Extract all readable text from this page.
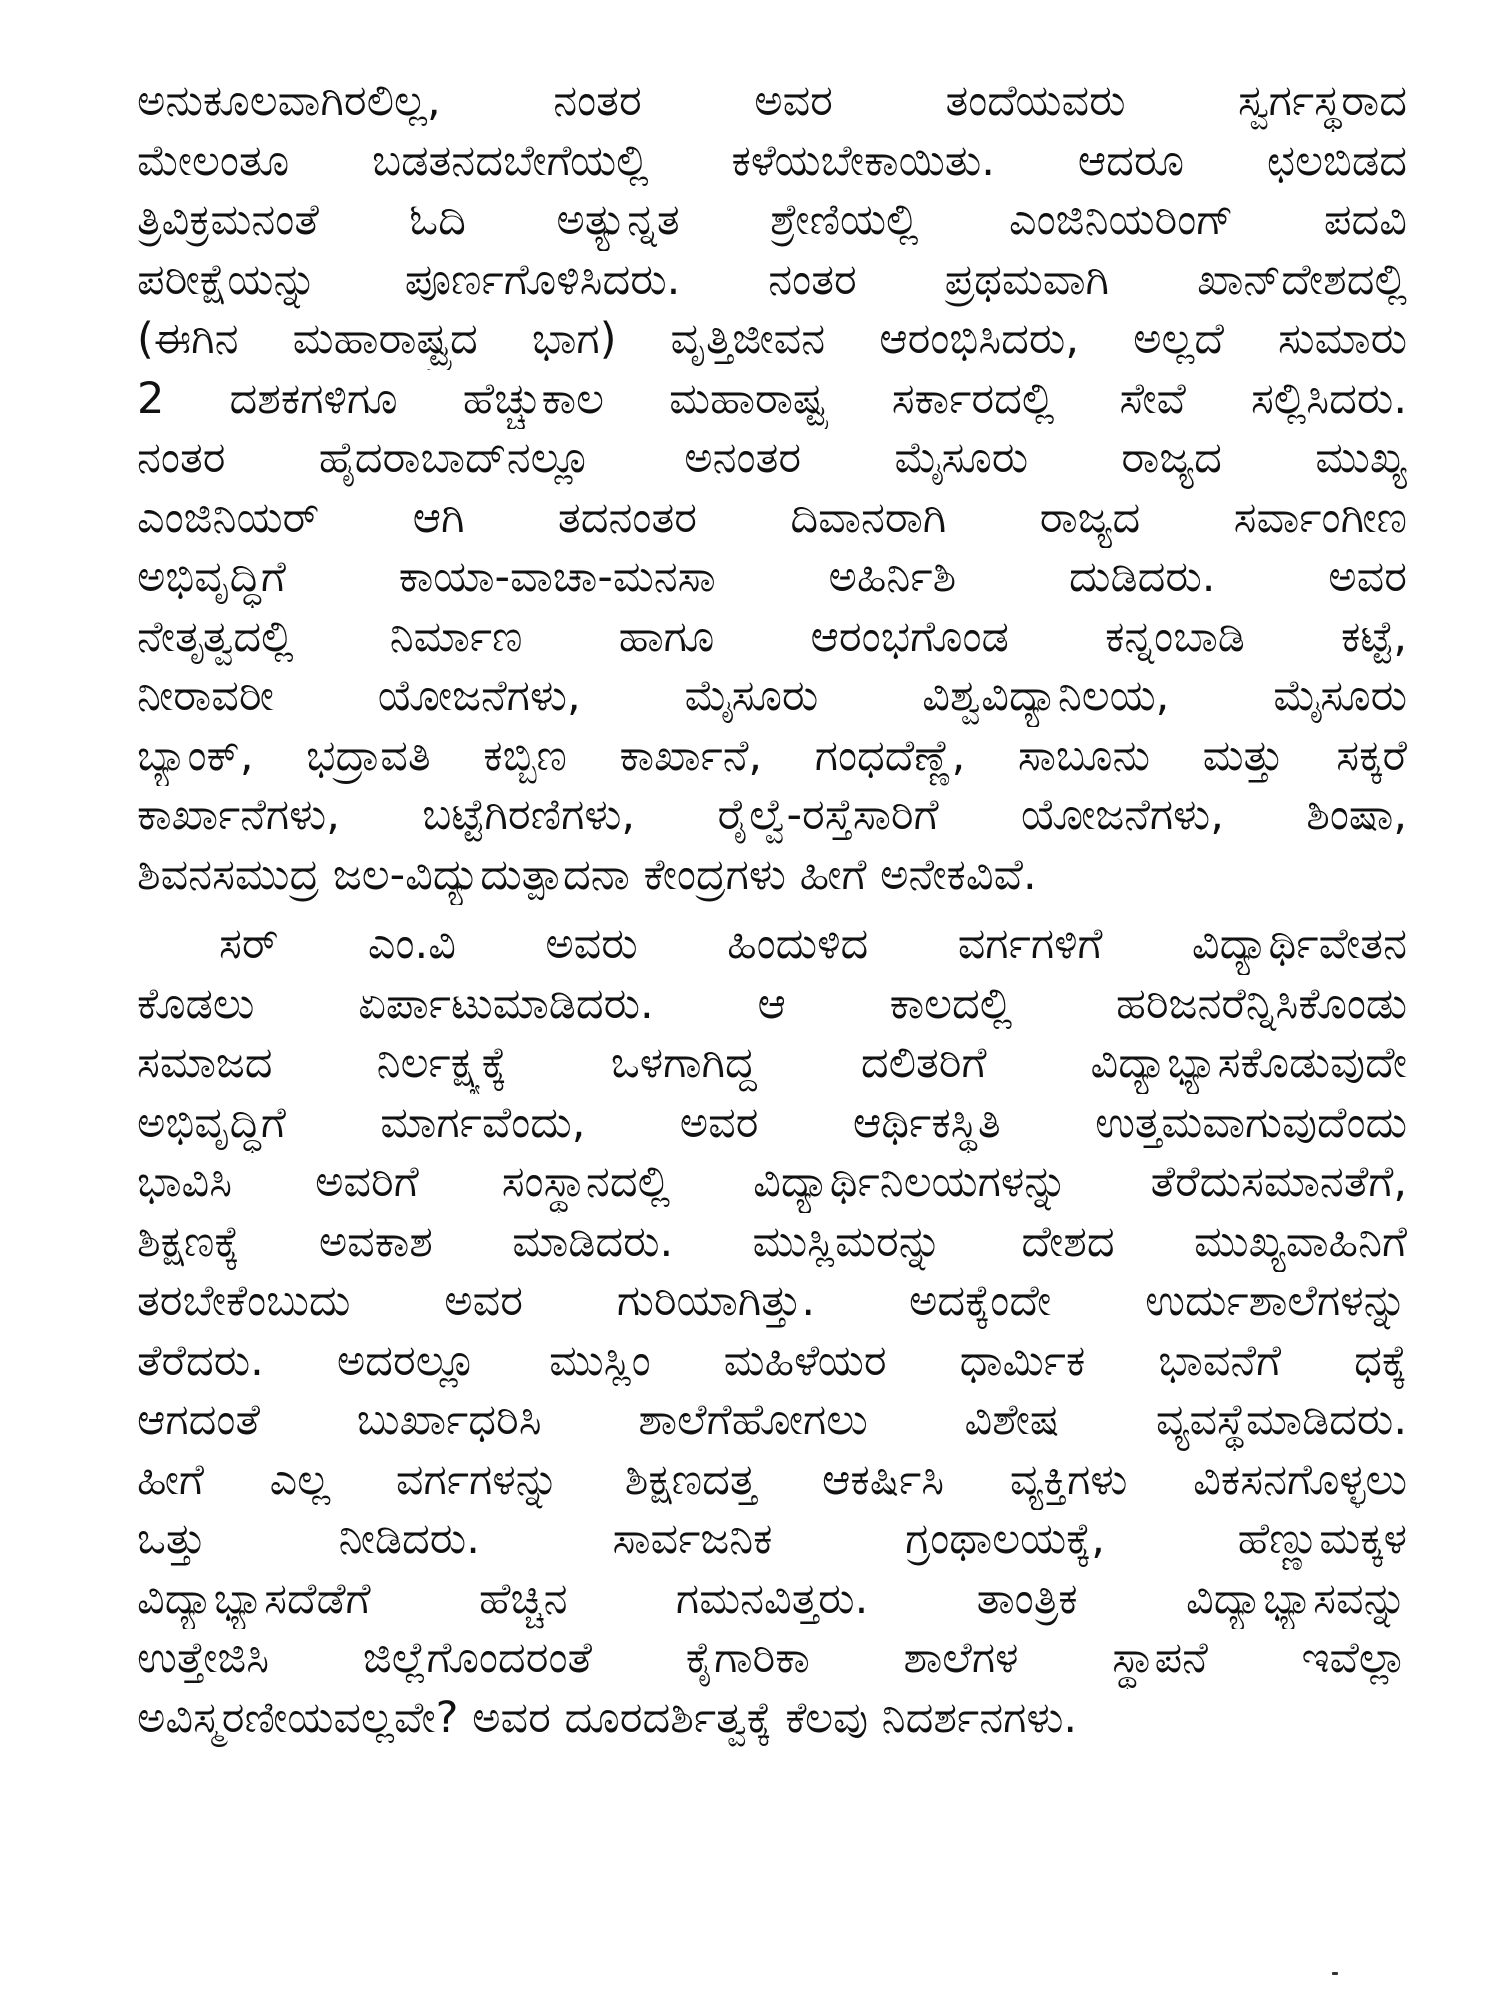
ಅನುಕೂಲವಾಗಿರಲಿಲ್ಲ, ನಂತರ ಅವರ ತಂದೆಯವರು ಸ್ವರ್ಗಸ್ಥರಾದ
ಮೇಲಂತೂ ಬಡತನದಬೇಗೆಯಲ್ಲಿ ಕಳೆಯಬೇಕಾಯಿತು. ಆದರೂ ಛಲಬಿಡದ
ತ್ರಿವಿಕ್ರಮನಂತೆ ಓದಿ ಅತ್ಯುನ್ನತ ಶ್ರೇಣಿಯಲ್ಲಿ ಎಂಜಿನಿಯರಿಂಗ್ ಪದವಿ
ಪರೀಕ್ಷೆಯನ್ನು ಪೂರ್ಣಗೊಳಿಸಿದರು. ನಂತರ ಪ್ರಥಮವಾಗಿ ಖಾನ್‌ದೇಶದಲ್ಲಿ
(ಈಗಿನ ಮಹಾರಾಷ್ಟ್ರದ ಭಾಗ) ವೃತ್ತಿಜೀವನ ಆರಂಭಿಸಿದರು, ಅಲ್ಲದೆ ಸುಮಾರು
2 ದಶಕಗಳಿಗೂ ಹೆಚ್ಚುಕಾಲ ಮಹಾರಾಷ್ಟ್ರ ಸರ್ಕಾರದಲ್ಲಿ ಸೇವೆ ಸಲ್ಲಿಸಿದರು.
ನಂತರ ಹೈದರಾಬಾದ್‌ನಲ್ಲೂ ಅನಂತರ ಮೈಸೂರು ರಾಜ್ಯದ ಮುಖ್ಯ
ಎಂಜಿನಿಯರ್ ಆಗಿ ತದನಂತರ ದಿವಾನರಾಗಿ ರಾಜ್ಯದ ಸರ್ವಾಂಗೀಣ
ಅಭಿವೃದ್ಧಿಗೆ ಕಾಯಾ-ವಾಚಾ-ಮನಸಾ ಅಹಿರ್ನಿಶಿ ದುಡಿದರು. ಅವರ
ನೇತೃತ್ವದಲ್ಲಿ ನಿರ್ಮಾಣ ಹಾಗೂ ಆರಂಭಗೊಂಡ ಕನ್ನಂಬಾಡಿ ಕಟ್ಟೆ,
ನೀರಾವರೀ ಯೋಜನೆಗಳು, ಮೈಸೂರು ವಿಶ್ವವಿದ್ಯಾನಿಲಯ, ಮೈಸೂರು
ಬ್ಯಾಂಕ್, ಭದ್ರಾವತಿ ಕಬ್ಬಿಣ ಕಾರ್ಖಾನೆ, ಗಂಧದೆಣ್ಣೆ, ಸಾಬೂನು ಮತ್ತು ಸಕ್ಕರೆ
ಕಾರ್ಖಾನೆಗಳು, ಬಟ್ಟೆಗಿರಣಿಗಳು, ರೈಲ್ವೆ-ರಸ್ತೆಸಾರಿಗೆ ಯೋಜನೆಗಳು, ಶಿಂಷಾ,
ಶಿವನಸಮುದ್ರ ಜಲ-ವಿದ್ಯುದುತ್ಪಾದನಾ ಕೇಂದ್ರಗಳು ಹೀಗೆ ಅನೇಕವಿವೆ.
ಸರ್ ಎಂ.ವಿ ಅವರು ಹಿಂದುಳಿದ ವರ್ಗಗಳಿಗೆ ವಿದ್ಯಾರ್ಥಿವೇತನ
ಕೊಡಲು ಏರ್ಪಾಟುಮಾಡಿದರು. ಆ ಕಾಲದಲ್ಲಿ ಹರಿಜನರೆನ್ನಿಸಿಕೊಂಡು
ಸಮಾಜದ ನಿರ್ಲಕ್ಷ್ಯಕ್ಕೆ ಒಳಗಾಗಿದ್ದ ದಲಿತರಿಗೆ ವಿದ್ಯಾಭ್ಯಾಸಕೊಡುವುದೇ
ಅಭಿವೃದ್ಧಿಗೆ ಮಾರ್ಗವೆಂದು, ಅವರ ಆರ್ಥಿಕಸ್ಥಿತಿ ಉತ್ತಮವಾಗುವುದೆಂದು
ಭಾವಿಸಿ ಅವರಿಗೆ ಸಂಸ್ಥಾನದಲ್ಲಿ ವಿದ್ಯಾರ್ಥಿನಿಲಯಗಳನ್ನು ತೆರೆದುಸಮಾನತೆಗೆ,
ಶಿಕ್ಷಣಕ್ಕೆ ಅವಕಾಶ ಮಾಡಿದರು. ಮುಸ್ಲಿಮರನ್ನು ದೇಶದ ಮುಖ್ಯವಾಹಿನಿಗೆ
ತರಬೇಕೆಂಬುದು ಅವರ ಗುರಿಯಾಗಿತ್ತು. ಅದಕ್ಕೆಂದೇ ಉರ್ದುಶಾಲೆಗಳನ್ನು
ತೆರೆದರು. ಅದರಲ್ಲೂ ಮುಸ್ಲಿಂ ಮಹಿಳೆಯರ ಧಾರ್ಮಿಕ ಭಾವನೆಗೆ ಧಕ್ಕೆ
ಆಗದಂತೆ ಬುರ್ಖಾಧರಿಸಿ ಶಾಲೆಗೆಹೋಗಲು ವಿಶೇಷ ವ್ಯವಸ್ಥೆಮಾಡಿದರು.
ಹೀಗೆ ಎಲ್ಲ ವರ್ಗಗಳನ್ನು ಶಿಕ್ಷಣದತ್ತ ಆಕರ್ಷಿಸಿ ವ್ಯಕ್ತಿಗಳು ವಿಕಸನಗೊಳ್ಳಲು
ಒತ್ತು ನೀಡಿದರು. ಸಾರ್ವಜನಿಕ ಗ್ರಂಥಾಲಯಕ್ಕೆ, ಹೆಣ್ಣುಮಕ್ಕಳ
ವಿದ್ಯಾಭ್ಯಾಸದೆಡೆಗೆ ಹೆಚ್ಚಿನ ಗಮನವಿತ್ತರು. ತಾಂತ್ರಿಕ ವಿದ್ಯಾಭ್ಯಾಸವನ್ನು
ಉತ್ತೇಜಿಸಿ ಜಿಲ್ಲೆಗೊಂದರಂತೆ ಕೈಗಾರಿಕಾ ಶಾಲೆಗಳ ಸ್ಥಾಪನೆ ಇವೆಲ್ಲಾ
ಅವಿಸ್ಮರಣೀಯವಲ್ಲವೇ? ಅವರ ದೂರದರ್ಶಿತ್ವಕ್ಕೆ ಕೆಲವು ನಿದರ್ಶನಗಳು.
